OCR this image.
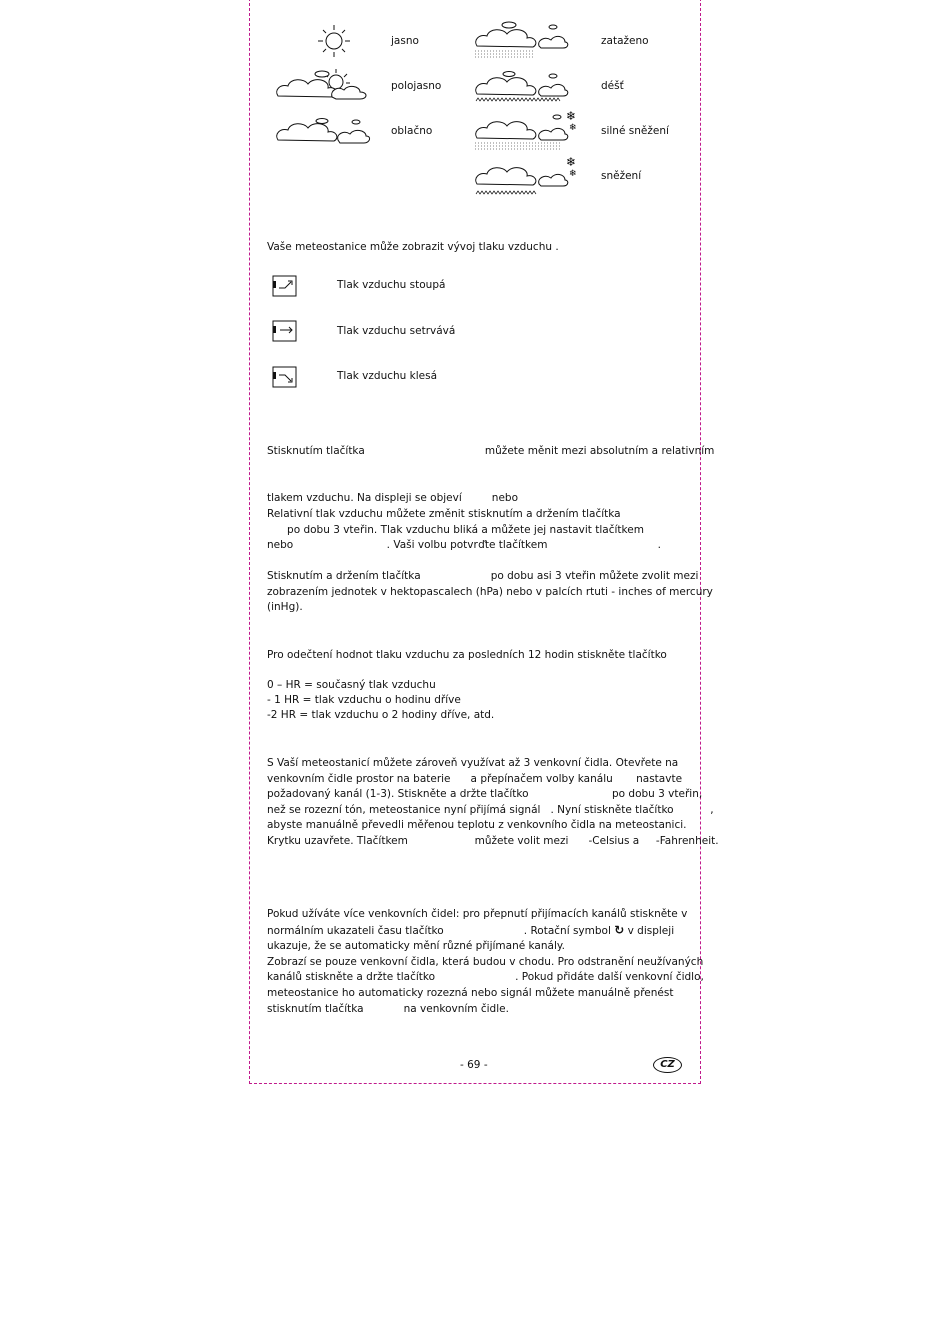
jasno
polojasno
oblačno
zataženo
déšť
❄
❄ silné sněžení
❄
❄ sněžení
Vaše meteostanice může zobrazit vývoj tlaku vzduchu .
Tlak vzduchu stoupá
Tlak vzduchu setrvává
Tlak vzduchu klesá

Stisknutím tlačítka                                    můžete měnit mezi absolutním a relativním

tlakem vzduchu. Na displeji se objeví         nebo

Relativní tlak vzduchu můžete změnit stisknutím a držením tlačítka
po dobu 3 vteřin. Tlak vzduchu bliká a můžete jej nastavit tlačítkem
nebo                            . Vaši volbu potvrďte tlačítkem                                 .
Stisknutím a držením tlačítka                     po dobu asi 3 vteřin můžete zvolit mezi
zobrazením jednotek v hektopascalech (hPa) nebo v palcích rtuti - inches of mercury
(inHg).
Pro odečtení hodnot tlaku vzduchu za posledních 12 hodin stiskněte tlačítko
0 – HR = současný tlak vzduchu
- 1 HR = tlak vzduchu o hodinu dříve
-2 HR = tlak vzduchu o 2 hodiny dříve, atd.
S Vaší meteostanicí můžete zároveň využívat až 3 venkovní čidla. Otevřete na
venkovním čidle prostor na baterie      a přepínačem volby kanálu       nastavte
požadovaný kanál (1-3). Stiskněte a držte tlačítko                         po dobu 3 vteřin,
než se rozezní tón, meteostanice nyní přijímá signál   . Nyní stiskněte tlačítko           ,
abyste manuálně převedli měřenou teplotu z venkovního čidla na meteostanici.
Krytku uzavřete. Tlačítkem                    můžete volit mezi      -Celsius a     -Fahrenheit.
Pokud užíváte více venkovních čidel: pro přepnutí přijímacích kanálů stiskněte v
normálním ukazateli času tlačítko                        . Rotační symbol ↻ v displeji
ukazuje, že se automaticky mění různé přijímané kanály.
Zobrazí se pouze venkovní čidla, která budou v chodu. Pro odstranění neužívaných
kanálů stiskněte a držte tlačítko                        . Pokud přidáte další venkovní čidlo,
meteostanice ho automaticky rozezná nebo signál můžete manuálně přenést
stisknutím tlačítka            na venkovním čidle.
- 69 -	CZ
